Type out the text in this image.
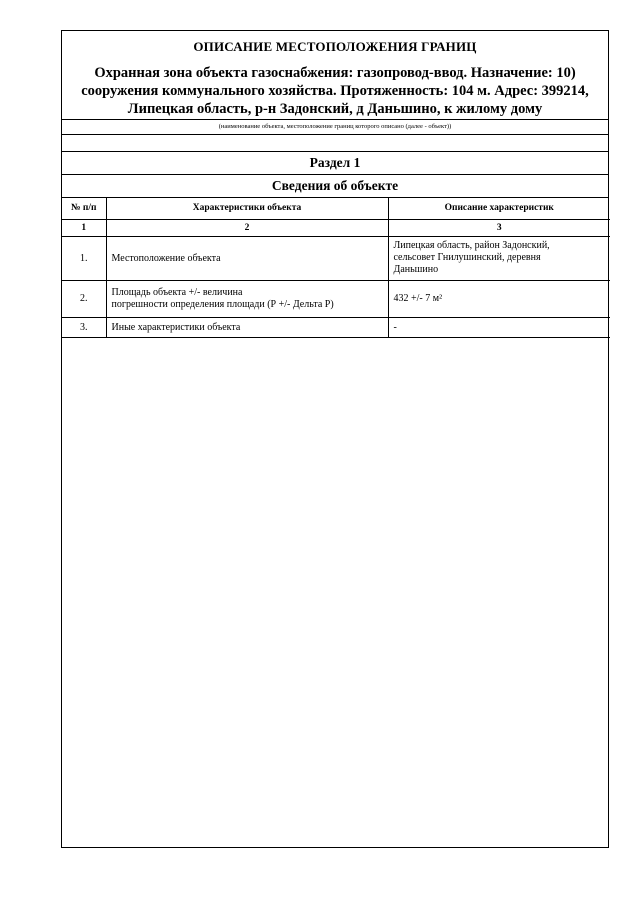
ОПИСАНИЕ МЕСТОПОЛОЖЕНИЯ ГРАНИЦ
Охранная зона объекта газоснабжения: газопровод-ввод. Назначение: 10)
сооружения коммунального хозяйства. Протяженность: 104 м. Адрес: 399214,
Липецкая область, р-н Задонский, д Даньшино, к жилому дому
(наименование объекта, местоположение границ которого описано (далее - объект))
Раздел 1
Сведения об объекте
№ п/п	Характеристики объекта	Описание характеристик
1	2	3
1.	Местоположение объекта	Липецкая область, район Задонский,
сельсовет Гнилушинский, деревня
Даньшино

2.	Площадь объекта +/- величина
погрешности определения площади (Р +/- Дельта Р)	432 +/- 7 м²
3.	Иные характеристики объекта	-
